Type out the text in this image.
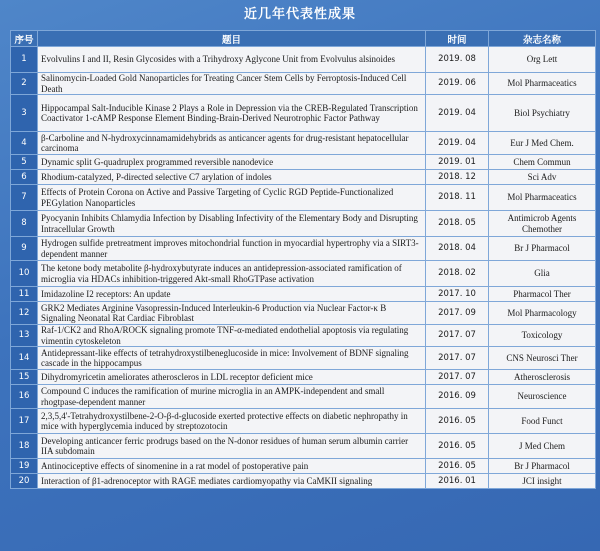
近几年代表性成果
序号	题目	时间	杂志名称
1	Evolvulins I and II, Resin Glycosides with a Trihydroxy Aglycone Unit from Evolvulus alsinoides	2019. 08	Org Lett
2	Salinomycin-Loaded Gold Nanoparticles for Treating Cancer Stem Cells by Ferroptosis-Induced Cell Death	2019. 06	Mol Pharmaceatics
3	Hippocampal Salt-Inducible Kinase 2 Plays a Role in Depression via the CREB-Regulated Transcription Coactivator 1-cAMP Response Element Binding-Brain-Derived Neurotrophic Factor Pathway	2019. 04	Biol Psychiatry
4	β-Carboline and N-hydroxycinnamamidehybrids as anticancer agents for drug-resistant hepatocellular carcinoma	2019. 04	Eur J Med Chem.
5	Dynamic split G-quadruplex programmed reversible nanodevice	2019. 01	Chem Commun
6	Rhodium-catalyzed, P-directed selective C7 arylation of indoles	2018. 12	Sci Adv
7	Effects of Protein Corona on Active and Passive Targeting of Cyclic RGD Peptide-Functionalized PEGylation Nanoparticles	2018. 11	Mol Pharmaceatics
8	Pyocyanin Inhibits Chlamydia Infection by Disabling Infectivity of the Elementary Body and Disrupting Intracellular Growth	2018. 05	Antimicrob Agents Chemother
9	Hydrogen sulfide pretreatment improves mitochondrial function in myocardial hypertrophy via a SIRT3-dependent manner	2018. 04	Br J Pharmacol
10	The ketone body metabolite β-hydroxybutyrate induces an antidepression-associated ramification of microglia via HDACs inhibition-triggered Akt-small RhoGTPase activation	2018. 02	Glia
11	Imidazoline I2 receptors: An update	2017. 10	Pharmacol Ther
12	GRK2 Mediates Arginine Vasopressin-Induced Interleukin-6 Production via Nuclear Factor-κ B Signaling Neonatal Rat Cardiac Fibroblast	2017. 09	Mol Pharmacology
13	Raf-1/CK2 and RhoA/ROCK signaling promote TNF-α-mediated endothelial apoptosis via regulating vimentin cytoskeleton	2017. 07	Toxicology
14	Antidepressant-like effects of tetrahydroxystilbeneglucoside in mice: Involvement of BDNF signaling cascade in the hippocampus	2017. 07	CNS Neurosci Ther
15	Dihydromyricetin ameliorates atheroscleros in LDL receptor deficient mice	2017. 07	Atherosclerosis
16	Compound C induces the ramification of murine microglia in an AMPK-independent and small rhogtpase-dependent manner	2016. 09	Neuroscience
17	2,3,5,4'-Tetrahydroxystilbene-2-O-β-d-glucoside exerted protective effects on diabetic nephropathy in mice with hyperglycemia induced by streptozotocin	2016. 05	Food Funct
18	Developing anticancer ferric prodrugs based on the N-donor residues of human serum albumin carrier IIA subdomain	2016. 05	J Med Chem
19	Antinociceptive effects of sinomenine in a rat model of postoperative pain	2016. 05	Br J Pharmacol
20	Interaction of β1-adrenoceptor with RAGE mediates cardiomyopathy via CaMKII signaling	2016. 01	JCI insight
